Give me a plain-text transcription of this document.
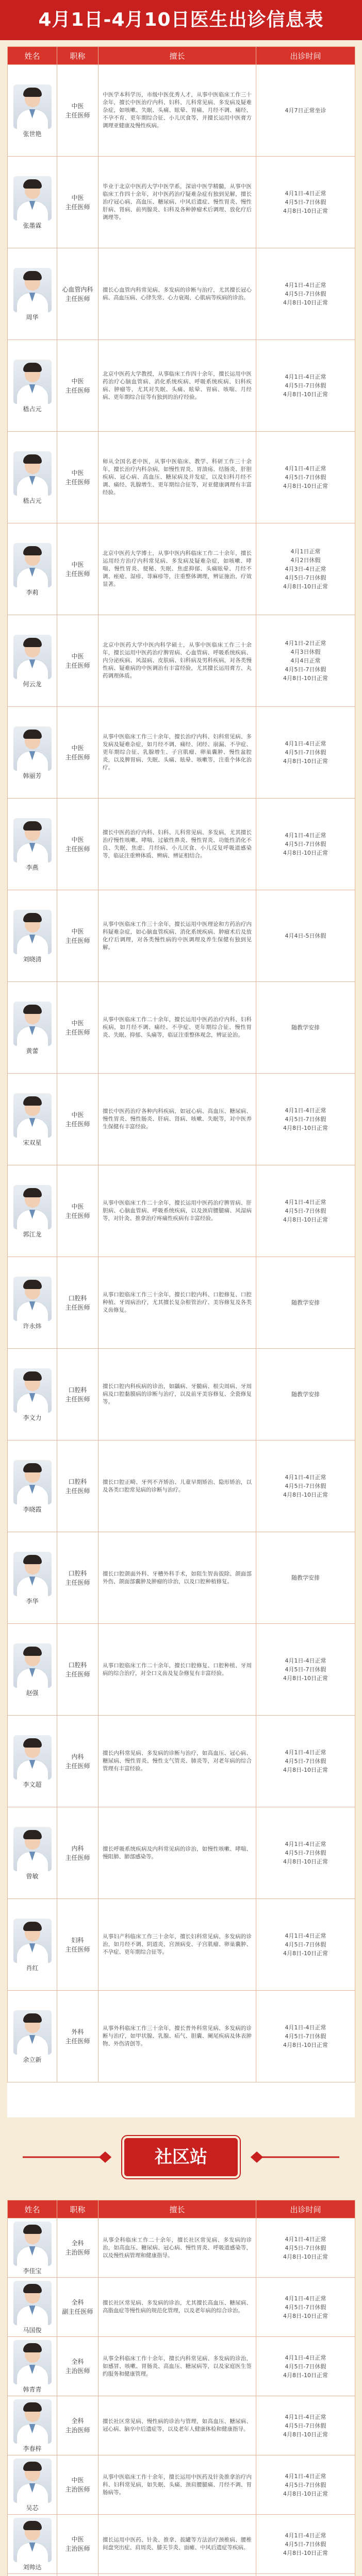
4月1日-4月10日医生出诊信息表
姓名	职称	擅长	出诊时间

张世艳	中医
主任医师	中医学本科学历，市级中医优秀人才，从事中医临床工作三十余年，擅长中医治疗内科、妇科、儿科常见病、多发病及疑难杂症，如咳嗽、失眠、头痛、眩晕、胃痛、月经不调、痛经、不孕不育、更年期综合征、小儿厌食等，并擅长运用中医膏方调理亚健康及慢性疾病。	4月7日正常坐诊

张墨霖	中医
主任医师	毕业于北京中医药大学中医学系，深谙中医学精髓，从事中医临床工作四十余年，对中医药治疗疑难杂症有独到见解，擅长治疗冠心病、高血压、糖尿病、中风后遗症、慢性胃炎、慢性肝病、肾病、前列腺炎、妇科及各种肿瘤术后调理、放化疗后调理等。	4月1日-4日正常
4月5日-7日休假
4月8日-10日正常

周华	心血管内科
主任医师	擅长心血管内科常见病、多发病的诊断与治疗，尤其擅长冠心病、高血压病、心律失常、心力衰竭、心肌病等疾病的诊治。	4月1日-4日正常
4月5日-7日休假
4月8日-10日正常

嵇占元	中医
主任医师	北京中医药大学教授，从事临床工作四十余年，擅长运用中医药治疗心脑血管病、消化系统疾病、呼吸系统疾病、妇科疾病、肿瘤等，尤其对失眠、头痛、眩晕、胃病、咳喘、月经病、更年期综合征等有独到的治疗经验。	4月1日-4日正常
4月5日-7日休假
4月8日-10日正常

嵇占元	中医
主任医师	师从全国名老中医，从事中医临床、教学、科研工作三十余年，擅长治疗内科杂病，如慢性胃炎、胃溃疡、结肠炎、肝胆疾病、冠心病、高血压、糖尿病及并发症，以及妇科月经不调、痛经、乳腺增生、更年期综合征等，对亚健康调理有丰富经验。	4月1日-4日正常
4月5日-7日休假
4月8日-10日正常

李莉	中医
主任医师	北京中医药大学博士，从事中医内科临床工作二十余年，擅长运用经方治疗内科常见病、多发病及疑难杂症，如咳嗽、哮喘、慢性胃炎、便秘、失眠、焦虑抑郁、头痛眩晕、月经不调、痤疮、湿疹、荨麻疹等，注重整体调理，辨证施治，疗效显著。	4月1日正常
4月2日休假
4月3日-4日正常
4月5日-7日休假
4月8日-10日正常

何云龙	中医
主任医师	北京中医药大学中医内科学硕士，从事中医临床工作三十余年，擅长运用中医药治疗脾胃病、心血管病、呼吸系统疾病、内分泌疾病、风湿病、皮肤病、妇科病及男科疾病，对各类慢性病、疑难病的中医调治有丰富经验，尤其擅长运用膏方、丸药调理体质。	4月1日-2日正常
4月3日休假
4月4日正常
4月5日-7日休假
4月8日-10日正常

韩丽芳	中医
主任医师	从事中医临床工作三十余年，擅长治疗内科、妇科常见病、多发病及疑难杂症，如月经不调、痛经、闭经、崩漏、不孕症、更年期综合征、乳腺增生、子宫肌瘤、卵巢囊肿、慢性盆腔炎，以及脾胃病、失眠、头痛、眩晕、咳嗽等，注重个体化治疗。	4月1日-4日正常
4月5日-7日休假
4月8日-10日正常

李燕	中医
主任医师	擅长中医药治疗内科、妇科、儿科常见病、多发病，尤其擅长治疗慢性咳嗽、哮喘、过敏性鼻炎、慢性胃炎、功能性消化不良、失眠、焦虑、月经病、小儿厌食、小儿反复呼吸道感染等，临证注重辨体质、辨病、辨证相结合。	4月1日-4日正常
4月5日-7日休假
4月8日-10日正常

刘晓清	中医
主任医师	从事中医临床工作三十余年，擅长运用中医理论和方药治疗内科疑难杂症，如心脑血管疾病、消化系统疾病、肿瘤术后及放化疗后调理，对各类慢性病的中医调理及养生保健有独到见解。	4月4日-5日休假

黄蕾	中医
主任医师	从事中医临床工作二十余年，擅长运用中医药治疗内科、妇科疾病，如月经不调、痛经、不孕症、更年期综合征、慢性胃炎、失眠、抑郁、头痛等，临证注重整体观念，辨证论治。	随教学安排

宋双星	中医
主任医师	擅长中医药治疗各种内科疾病，如冠心病、高血压、糖尿病、慢性胃炎、慢性肠炎、肝病、肾病、咳嗽、失眠等，对中医养生保健有丰富经验。	4月1日-4日正常
4月5日-7日休假
4月8日-10日正常

郭江龙	中医
主任医师	从事中医临床工作二十余年，擅长运用中医药治疗脾胃病、肝胆病、心脑血管病、呼吸系统疾病，以及颈肩腰腿痛、风湿病等，对针灸、推拿治疗疼痛性疾病有丰富经验。	4月1日-4日正常
4月5日-7日休假
4月8日-10日正常

许永炜	口腔科
主任医师	从事口腔临床工作三十余年，擅长口腔内科、口腔修复、口腔种植、牙周病治疗，尤其擅长复杂根管治疗、美容修复及各类义齿修复。	随教学安排

李文力	口腔科
主任医师	擅长口腔内科疾病的诊治，如龋病、牙髓病、根尖周病、牙周病及口腔黏膜病的诊断与治疗，以及前牙美容修复、全瓷修复等。	随教学安排

李晓霞	口腔科
主任医师	擅长口腔正畸、牙列不齐矫治、儿童早期矫治、隐形矫治，以及各类口腔常见病的诊断与治疗。	4月1日-4日正常
4月5日-7日休假
4月8日-10日正常

李华	口腔科
主任医师	擅长口腔颌面外科、牙槽外科手术，如阻生智齿拔除、颌面部外伤、颌面部囊肿及肿瘤的诊治，以及口腔种植修复。	随教学安排

赵强	口腔科
主任医师	从事口腔临床工作二十余年，擅长口腔修复、口腔种植、牙周病的综合治疗，对全口义齿及复杂修复有丰富经验。	4月1日-4日正常
4月5日-7日休假
4月8日-10日正常

李文超	内科
主任医师	擅长内科常见病、多发病的诊断与治疗，如高血压、冠心病、糖尿病、慢性胃炎、慢性支气管炎、肺炎等，对老年病的综合管理有丰富经验。	4月1日-4日正常
4月5日-7日休假
4月8日-10日正常

曾敏	内科
主任医师	擅长呼吸系统疾病及内科常见病的诊治，如慢性咳嗽、哮喘、慢阻肺、肺部感染等。	4月1日-4日正常
4月5日-7日休假
4月8日-10日正常

肖红	妇科
主任医师	从事妇产科临床工作三十余年，擅长妇科常见病、多发病的诊治，如月经不调、阴道炎、宫颈病变、子宫肌瘤、卵巢囊肿、不孕症、更年期综合征等。	4月1日-4日正常
4月5日-7日休假
4月8日-10日正常

余立新	外科
主任医师	从事外科临床工作三十余年，擅长普外科常见病、多发病的诊断与治疗，如甲状腺、乳腺、疝气、胆囊、阑尾疾病及体表肿物、外伤清创等。	4月1日-4日正常
4月5日-7日休假
4月8日-10日正常
社区站
姓名	职称	擅长	出诊时间

李佳宝	全科
主治医师	从事全科临床工作二十余年，擅长社区常见病、多发病的诊治，如高血压、糖尿病、冠心病、慢性胃炎、呼吸道感染等，以及慢性病管理和健康指导。	4月1日-4日正常
4月5日-7日休假
4月8日-10日正常

马国俊	全科
副主任医师	擅长社区常见病、多发病的诊治，尤其擅长高血压、糖尿病、高脂血症等慢性病的规范化管理，以及老年病的综合诊治。	4月1日-4日正常
4月5日-7日休假
4月8日-10日正常

韩青青	全科
主治医师	从事全科临床工作十余年，擅长内科常见病、多发病的诊治，如感冒、咳嗽、胃肠炎、高血压、糖尿病等，以及家庭医生签约服务和健康管理。	4月1日-4日正常
4月5日-7日休假
4月8日-10日正常

李春梓	全科
主治医师	擅长社区常见病、慢性病的诊治与管理，如高血压、糖尿病、冠心病、脑卒中后遗症等，以及老年人健康体检和健康指导。	4月1日-4日正常
4月5日-7日休假
4月8日-10日正常

吴芯	中医
主治医师	从事中医临床工作十余年，擅长运用中医药及针灸推拿治疗内科、妇科常见病，如失眠、头痛、颈肩腰腿痛、月经不调、胃肠病等。	4月1日-4日正常
4月5日-7日休假
4月8日-10日正常

刘帅达	中医
主治医师	擅长运用中医药、针灸、推拿、拔罐等方法治疗颈椎病、腰椎间盘突出症、肩周炎、膝关节炎、面瘫、中风后遗症等疾病。	4月1日-4日正常
4月5日-7日休假
4月8日-10日正常
